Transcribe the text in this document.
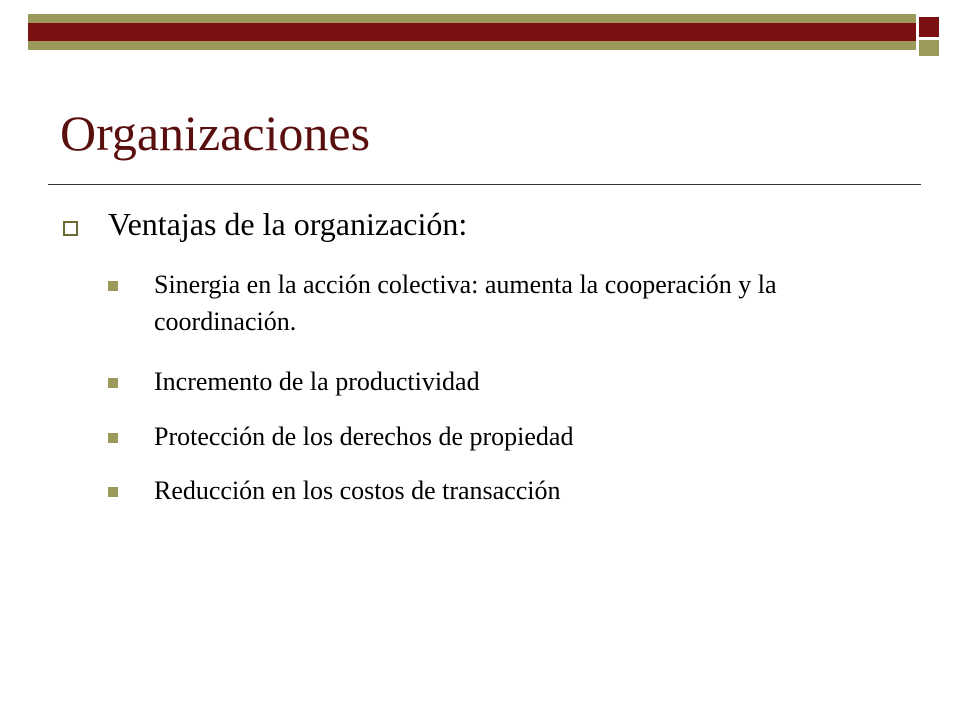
Organizaciones
Ventajas de la organización:
Sinergia en la acción colectiva: aumenta la cooperación y la coordinación.
Incremento de la productividad
Protección de los derechos de propiedad
Reducción en los costos de transacción
